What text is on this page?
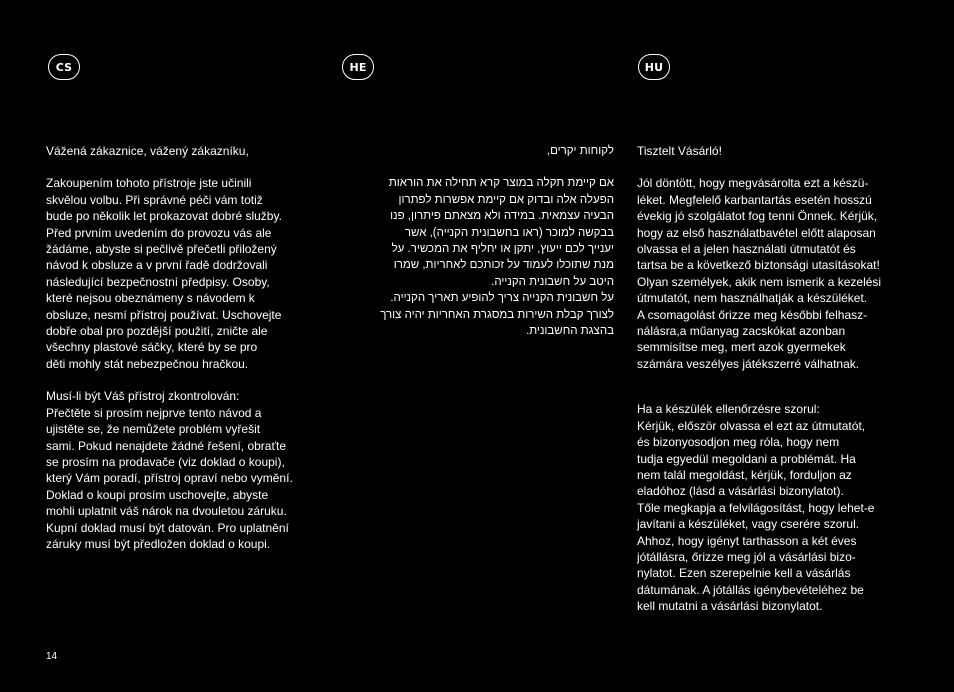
CS	HE	HU

Vážená zákaznice, vážený zákazníku,

Zakoupením tohoto přístroje jste učinili
skvělou volbu. Při správné péči vám totiž
bude po několik let prokazovat dobré služby.
Před prvním uvedením do provozu vás ale
žádáme, abyste si pečlivě přečetli přiložený
návod k obsluze a v první řadě dodržovali
následující bezpečnostní předpisy. Osoby,
které nejsou obeznámeny s návodem k
obsluze, nesmí přístroj používat. Uschovejte
dobře obal pro pozdější použití, zničte ale
všechny plastové sáčky, které by se pro
děti mohly stát nebezpečnou hračkou.
Musí-li být Váš přístroj zkontrolován:
Přečtěte si prosím nejprve tento návod a
ujistěte se, že nemůžete problém vyřešit
sami. Pokud nenajdete žádné řešení, obraťte
se prosím na prodavače (viz doklad o koupi),
který Vám poradí, přístroj opraví nebo vymění.
Doklad o koupi prosím uschovejte, abyste
mohli uplatnit váš nárok na dvouletou záruku.
Kupní doklad musí být datován. Pro uplatnění
záruky musí být předložen doklad o koupi.

לקוחות יקרים,

אם קיימת תקלה במוצר קרא תחילה את הוראות
הפעלה אלה ובדוק אם קיימת אפשרות לפתרון
הבעיה עצמאית. במידה ולא מצאתם פיתרון, פנו
בבקשה למוכר (ראו בחשבונית הקנייה), אשר
יענייך לכם ייעוץ, יתקן או יחליף את המכשיר. על
מנת שתוכלו לעמוד על זכותכם לאחריות, שמרו
היטב על חשבונית הקנייה.
על חשבונית הקנייה צריך להופיע תאריך הקנייה.
לצורך קבלת השירות במסגרת האחריות יהיה צורך
בהצגת החשבונית.

Tisztelt Vásárló!

Jól döntött, hogy megvásárolta ezt a készü-
léket. Megfelelő karbantartás esetén hosszú
évekig jó szolgálatot fog tenni Önnek. Kérjük,
hogy az első használatbavétel előtt alaposan
olvassa el a jelen használati útmutatót és
tartsa be a következő biztonsági utasításokat!
Olyan személyek, akik nem ismerik a kezelési
útmutatót, nem használhatják a készüléket.
A csomagolást őrizze meg későbbi felhasz-
nálásra,a műanyag zacskókat azonban
semmisítse meg, mert azok gyermekek
számára veszélyes játékszerré válhatnak.
Ha a készülék ellenőrzésre szorul:
Kérjük, először olvassa el ezt az útmutatót,
és bizonyosodjon meg róla, hogy nem
tudja egyedül megoldani a problémát. Ha
nem talál megoldást, kérjük, forduljon az
eladóhoz (lásd a vásárlási bizonylatot).
Tőle megkapja a felvilágosítást, hogy lehet-e
javítani a készüléket, vagy cserére szorul.
Ahhoz, hogy igényt tarthasson a két éves
jótállásra, őrizze meg jól a vásárlási bizo-
nylatot. Ezen szerepelnie kell a vásárlás
dátumának. A jótállás igénybevételéhez be
kell mutatni a vásárlási bizonylatot.
14
